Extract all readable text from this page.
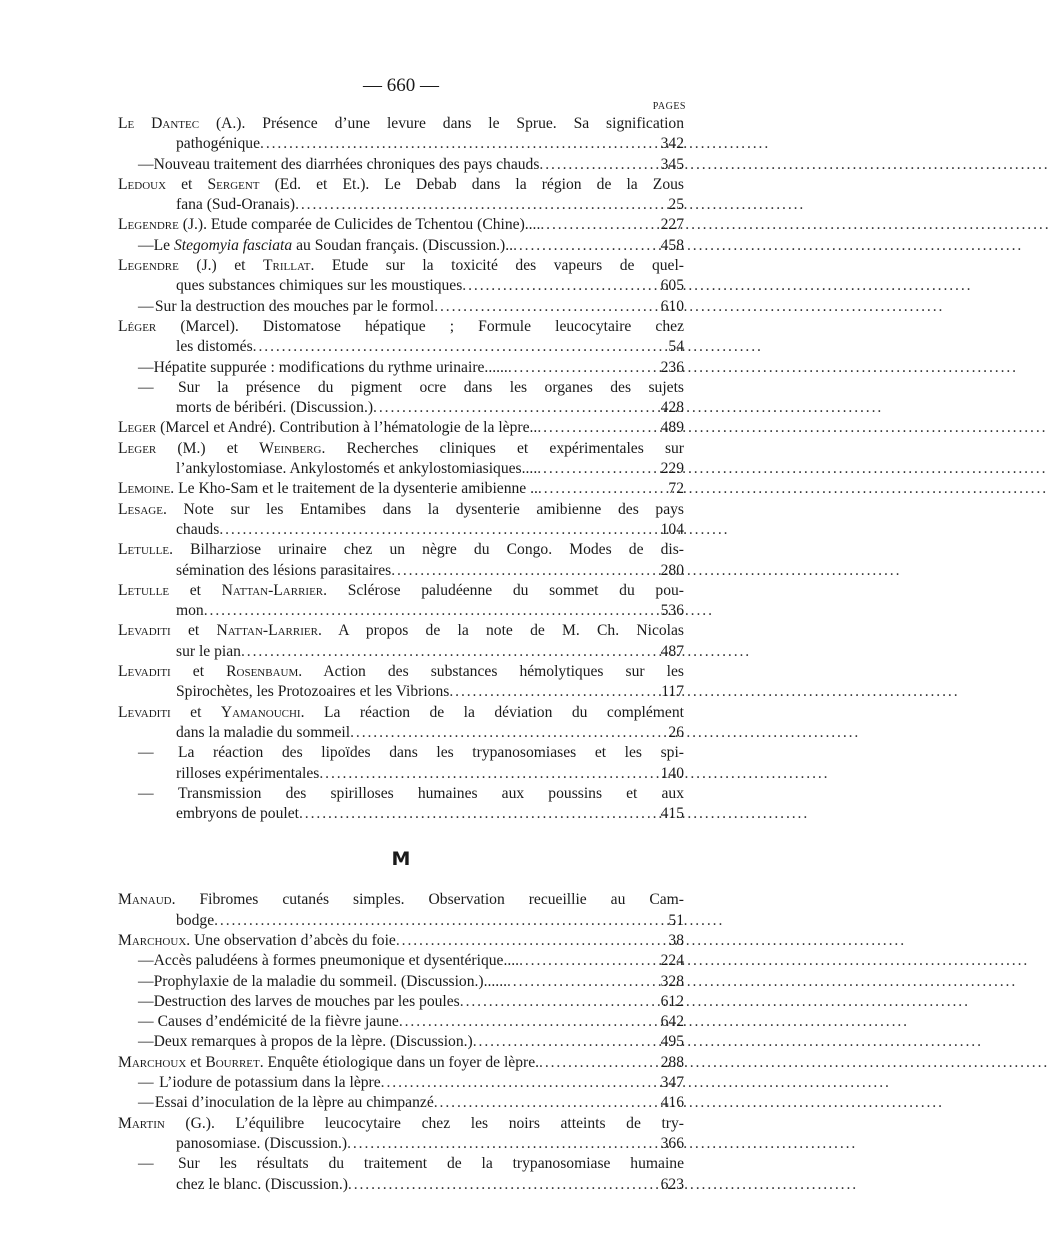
— 660 —
PAGES
Le Dantec (A.). Présence d’une levure dans le Sprue. Sa signification
pathogénique . . .	342
— Nouveau traitement des diarrhées chroniques des pays chauds . . .	345
Ledoux et Sergent (Ed. et Et.). Le Debab dans la région de la Zous
fana (Sud-Oranais) . . .	25
Legendre (J.). Etude comparée de Culicides de Tchentou (Chine).... . . .	227
— Le Stegomyia fasciata au Soudan français. (Discussion.).. . . .	458
Legendre (J.) et Trillat. Etude sur la toxicité des vapeurs de quel-
ques substances chimiques sur les moustiques . . .	605
— Sur la destruction des mouches par le formol . . .	610
Léger (Marcel). Distomatose hépatique ; Formule leucocytaire chez
les distomés . . .	54
— Hépatite suppurée : modifications du rythme urinaire...... . . .	236
—	Sur la présence du pigment ocre dans les organes des sujets
morts de béribéri. (Discussion.) . . .	428
Leger (Marcel et André). Contribution à l’hématologie de la lèpre.. . . .	489
Leger (M.) et Weinberg. Recherches cliniques et expérimentales sur
l’ankylostomiase. Ankylostomés et ankylostomiasiques.... . . .	229
Lemoine. Le Kho-Sam et le traitement de la dysenterie amibienne .. . . .	72
Lesage. Note sur les Entamibes dans la dysenterie amibienne des pays
chauds . . .	104
Letulle. Bilharziose urinaire chez un nègre du Congo. Modes de dis-
sémination des lésions parasitaires . . .	280
Letulle et Nattan-Larrier. Sclérose paludéenne du sommet du pou-
mon . . .	536
Levaditi et Nattan-Larrier. A propos de la note de M. Ch. Nicolas
sur le pian . . .	487
Levaditi et Rosenbaum. Action des substances hémolytiques sur les
Spirochètes, les Protozoaires et les Vibrions . . .	117
Levaditi et Yamanouchi. La réaction de la déviation du complément
dans la maladie du sommeil . . .	26
—	La réaction des lipoïdes dans les trypanosomiases et les spi-
rilloses expérimentales . . .	140
—	Transmission des spirilloses humaines aux poussins et aux
embryons de poulet . . .	415
M
Manaud. Fibromes cutanés simples. Observation recueillie au Cam-
bodge . . .	51
Marchoux. Une observation d’abcès du foie . . .	38
— Accès paludéens à formes pneumonique et dysentérique.... . . .	224
— Prophylaxie de la maladie du sommeil. (Discussion.)...... . . .	328
— Destruction des larves de mouches par les poules . . .	612
— Causes d’endémicité de la fièvre jaune . . .	642
— Deux remarques à propos de la lèpre. (Discussion.) . . .	495
Marchoux et Bourret. Enquête étiologique dans un foyer de lèpre. . . .	288
— L’iodure de potassium dans la lèpre . . .	347
— Essai d’inoculation de la lèpre au chimpanzé . . .	416
Martin (G.). L’équilibre leucocytaire chez les noirs atteints de try-
panosomiase. (Discussion.) . . .	366
—	Sur les résultats du traitement de la trypanosomiase humaine
chez le blanc. (Discussion.) . . .	623
